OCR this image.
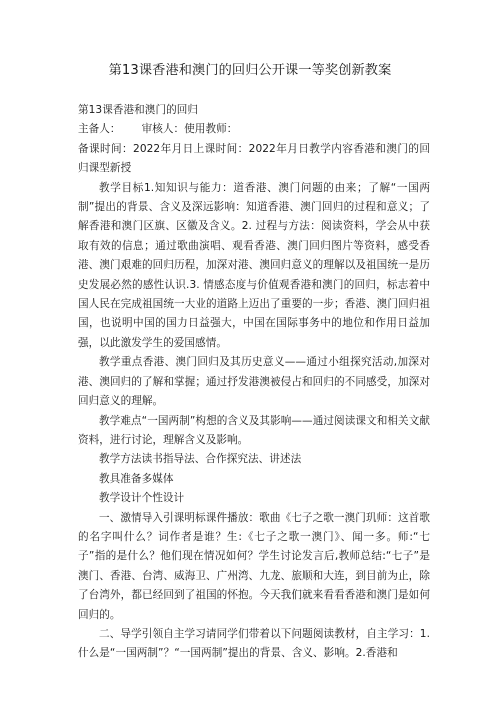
第13课香港和澳门的回归公开课一等奖创新教案

第13课香港和澳门的回归

主备人： 审核人：使用教师：

备课时间：2022年月日上课时间：2022年月日教学内容香港和澳门的回归课型新授

教学目标1.知知识与能力：道香港、澳门问题的由来；了解“一国两制”提出的背景、含义及深远影响：知道香港、澳门回归的过程和意义；了解香港和澳门区旗、区徽及含义。2. 过程与方法：阅读资料，学会从中获取有效的信息；通过歌曲演唱、观看香港、澳门回归图片等资料，感受香港、澳门艰难的回归历程，加深对港、澳回归意义的理解以及祖国统一是历史发展必然的感性认识.3. 情感态度与价值观香港和澳门的回归，标志着中国人民在完成祖国统一大业的道路上迈出了重要的一步；香港、澳门回归祖国，也说明中国的国力日益强大，中国在国际事务中的地位和作用日益加强，以此激发学生的爱国感情。

教学重点香港、澳门回归及其历史意义——通过小组探究活动,加深对港、澳回归的了解和掌握；通过抒发港澳被侵占和回归的不同感受，加深对回归意义的理解。

教学难点“一国两制”构想的含义及其影响——通过阅读课文和相关文献资料，进行讨论，理解含义及影响。

教学方法读书指导法、合作探究法、讲述法

教具准备多媒体

教学设计个性设计

一、激情导入引课明标课件播放：歌曲《七子之歌一澳门玑师：这首歌的名字叫什么？词作者是谁？生:《七子之歌一澳门》、闻一多。师:“七子”指的是什么？他们现在情况如何？学生讨论发言后,教师总结:“七子”是澳门、香港、台湾、威海卫、广州湾、九龙、旅顺和大连，到目前为止，除了台湾外，都已经回到了祖国的怀抱。今天我们就来看看香港和澳门是如何回归的。

二、导学引领自主学习请同学们带着以下问题阅读教材，自主学习：1. 什么是“一国两制”？“一国两制”提出的背景、含义、影响。2.香港和
